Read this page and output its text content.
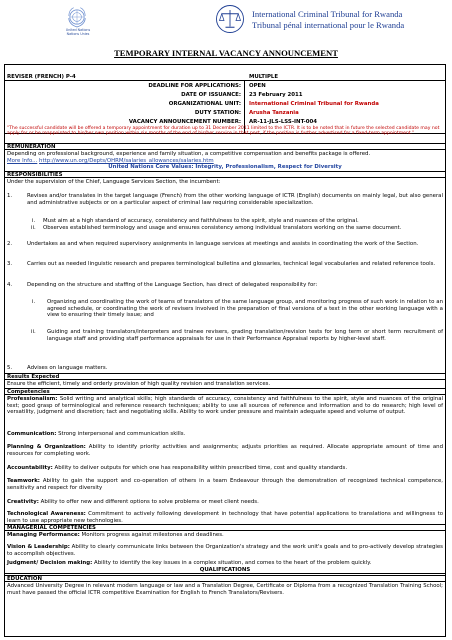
United Nations
Nations Unies
International Criminal Tribunal for Rwanda
Tribunal pénal international pour le Rwanda
TEMPORARY INTERNAL VACANCY ANNOUNCEMENT
REVISER (FRENCH) P-4	MULTIPLE
DEADLINE FOR APPLICATIONS: OPEN
DATE OF ISSUANCE: 23 February 2011
ORGANIZATIONAL UNIT: International Criminal Tribunal for Rwanda
DUTY STATION: Arusha Tanzania
VACANCY ANNOUNCEMENT NUMBER: AR-11-JLS-LSS-INT-004
"The successful candidate will be offered a temporary appointment for duration up to 31 December 2011 limited to the ICTR. It is to be noted that in future the selected candidate may not apply for or be reappointed to his/her own position within six months of the end of his/her service in that post, if the position is further advertised for a fixed-term appointment."
REMUNERATION
Depending on professional background, experience and family situation, a competitive compensation and benefits package is offered.
More Info... http://www.un.org/Depts/OHRM/salaries_allowances/salaries.htm
United Nations Core Values: Integrity, Professionalism, Respect for Diversity
RESPONSIBILITIES
Under the supervision of the Chief, Language Services Section, the incumbent:
1.	Revises and/or translates in the target language (French) from the other working language of ICTR (English) documents on mainly legal, but also general and administrative subjects or on a particular aspect of criminal law requiring considerable specialization.
i. Must aim at a high standard of accuracy, consistency and faithfulness to the spirit, style and nuances of the original.
ii. Observes established terminology and usage and ensures consistency among individual translators working on the same document.
2.	Undertakes as and when required supervisory assignments in language services at meetings and assists in coordinating the work of the Section.
3.	Carries out as needed linguistic research and prepares terminological bulletins and glossaries, technical legal vocabularies and related reference tools.
4.	Depending on the structure and staffing of the Language Section, has direct of delegated responsibility for:
i. Organizing and coordinating the work of teams of translators of the same language group, and monitoring progress of such work in relation to an agreed schedule, or coordinating the work of revisers involved in the preparation of final versions of a text in the other working language with a view to ensuring their timely issue; and
ii. Guiding and training translators/interpreters and trainee revisers, grading translation/revision tests for long term or short term recruitment of language staff and providing staff performance appraisals for use in their Performance Appraisal reports by higher-level staff.
5.	Advises on language matters.
Results Expected
Ensure the efficient, timely and orderly provision of high quality revision and translation services.
Competencies
Professionalism: Solid writing and analytical skills; high standards of accuracy, consistency and faithfulness to the spirit, style and nuances of the original text; good grasp of terminological and reference research techniques; ability to use all sources of reference and information and to do research; high level of versatility, judgment and discretion; tact and negotiating skills. Ability to work under pressure and maintain adequate speed and volume of output.
Communication: Strong interpersonal and communication skills.
Planning & Organization: Ability to identify priority activities and assignments; adjusts priorities as required. Allocate appropriate amount of time and resources for completing work.
Accountability: Ability to deliver outputs for which one has responsibility within prescribed time, cost and quality standards.
Teamwork: Ability to gain the support and co-operation of others in a team Endeavour through the demonstration of recognized technical competence, sensitivity and respect for diversity
Creativity: Ability to offer new and different options to solve problems or meet client needs.
Technological Awareness: Commitment to actively following development in technology that have potential applications to translations and willingness to learn to use appropriate new technologies.
MANAGERIAL COMPETENCIES
Managing Performance: Monitors progress against milestones and deadlines.
Vision & Leadership: Ability to clearly communicate links between the Organization's strategy and the work unit's goals and to pro-actively develop strategies to accomplish objectives.
Judgment/ Decision making: Ability to identify the key issues in a complex situation, and comes to the heart of the problem quickly.
QUALIFICATIONS
EDUCATION
Advanced University Degree in relevant modern language or law and a Translation Degree, Certificate or Diploma from a recognized Translation Training School; must have passed the official ICTR competitive Examination for English to French Translators/Revisers.
